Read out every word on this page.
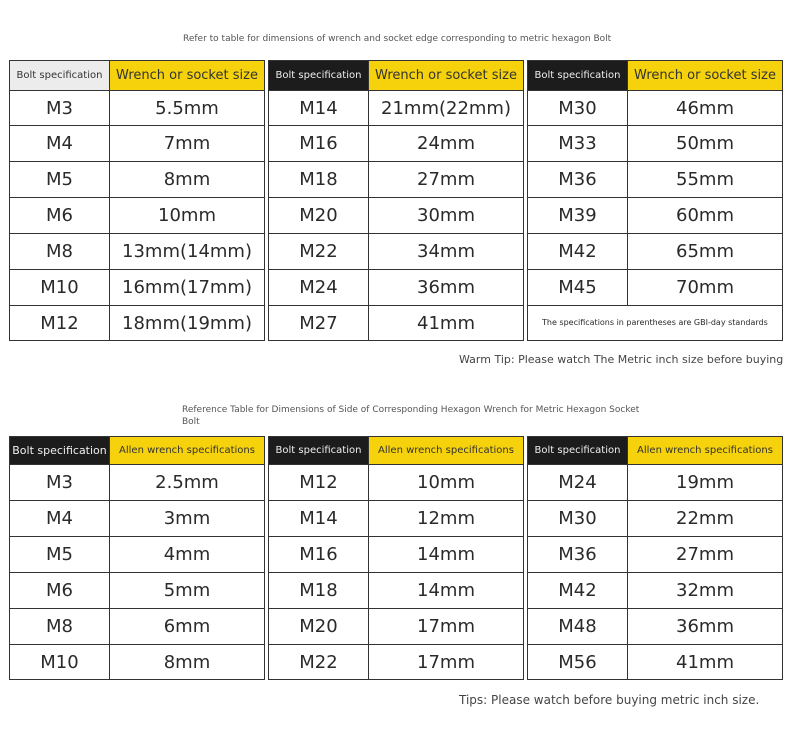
Refer to table for dimensions of wrench and socket edge corresponding to metric hexagon Bolt
Bolt specification	Wrench or socket size
M3	5.5mm
M4	7mm
M5	8mm
M6	10mm
M8	13mm(14mm)
M10	16mm(17mm)
M12	18mm(19mm)
Bolt specification	Wrench or socket size
M14	21mm(22mm)
M16	24mm
M18	27mm
M20	30mm
M22	34mm
M24	36mm
M27	41mm
Bolt specification	Wrench or socket size
M30	46mm
M33	50mm
M36	55mm
M39	60mm
M42	65mm
M45	70mm
The specifications in parentheses are GBI-day standards	
Warm Tip: Please watch The Metric inch size before buying
Reference Table for Dimensions of Side of Corresponding Hexagon Wrench for Metric Hexagon Socket Bolt
Bolt specification	Allen wrench specifications
M3	2.5mm
M4	3mm
M5	4mm
M6	5mm
M8	6mm
M10	8mm
Bolt specification	Allen wrench specifications
M12	10mm
M14	12mm
M16	14mm
M18	14mm
M20	17mm
M22	17mm
Bolt specification	Allen wrench specifications
M24	19mm
M30	22mm
M36	27mm
M42	32mm
M48	36mm
M56	41mm
Tips: Please watch before buying metric inch size.
